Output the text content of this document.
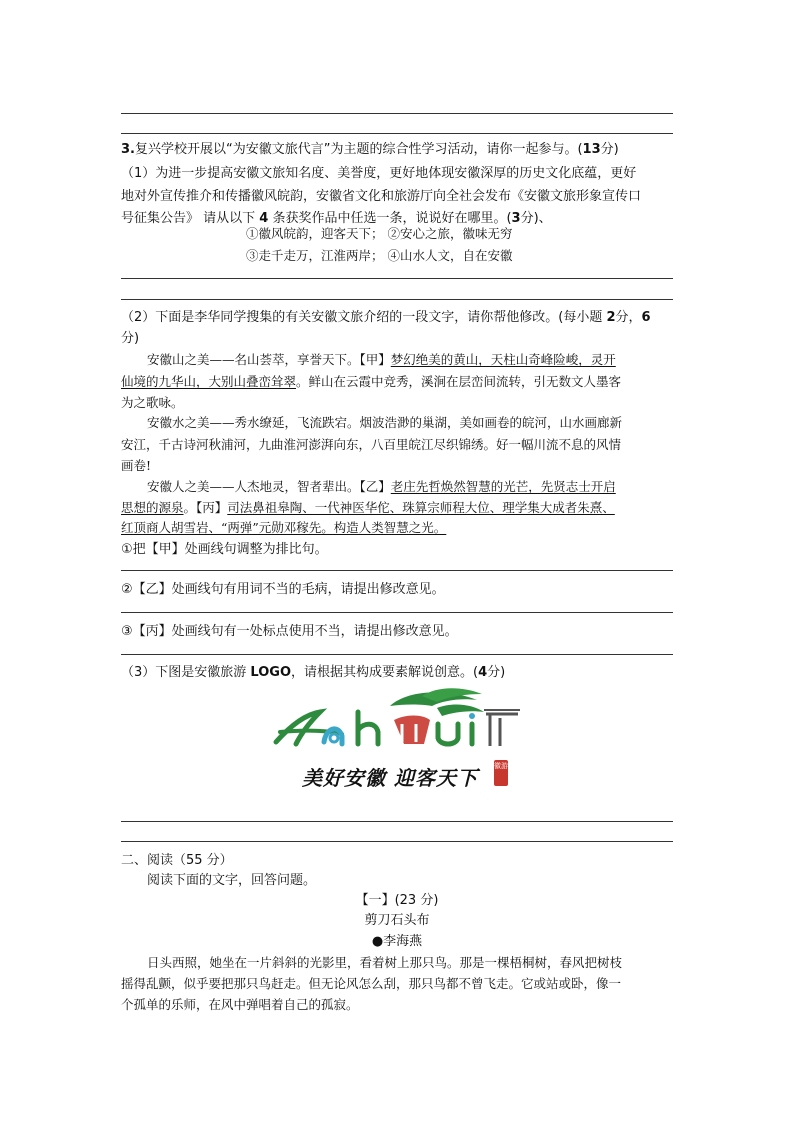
3.复兴学校开展以“为安徽文旅代言”为主题的综合性学习活动，请你一起参与。(13分)
（1）为进一步提高安徽文旅知名度、美誉度，更好地体现安徽深厚的历史文化底蕴，更好
地对外宣传推介和传播徽风皖韵，安徽省文化和旅游厅向全社会发布《安徽文旅形象宣传口
号征集公告》 请从以下 4 条获奖作品中任选一条，说说好在哪里。(3分)、
①徽风皖韵，迎客天下； ②安心之旅，徽味无穷
③走千走万，江淮两岸； ④山水人文，自在安徽
（2）下面是李华同学搜集的有关安徽文旅介绍的一段文字，请你帮他修改。(每小题 2分，6
分)
安徽山之美——名山荟萃，享誉天下。【甲】梦幻绝美的黄山，天柱山奇峰险峻，灵开
仙境的九华山，大别山叠峦耸翠。鲜山在云霞中竞秀，溪涧在层峦间流转，引无数文人墨客
为之歌咏。
安徽水之美——秀水缭延，飞流跌宕。烟波浩渺的巢湖，美如画卷的皖河，山水画廊新
安江，千古诗河秋浦河，九曲淮河澎湃向东，八百里皖江尽织锦绣。好一幅川流不息的风情
画卷!
安徽人之美——人杰地灵，智者辈出。【乙】老庄先哲焕然智慧的光芒，先贤志士开启
思想的源泉。【丙】司法鼻祖皋陶、一代神医华佗、珠算宗师程大位、理学集大成者朱熹、
红顶商人胡雪岩、“两弹”元勋邓稼先。构造人类智慧之光。
①把【甲】处画线句调整为排比句。
②【乙】处画线句有用词不当的毛病，请提出修改意见。
③【丙】处画线句有一处标点使用不当，请提出修改意见。
（3）下图是安徽旅游 LOGO，请根据其构成要素解说创意。(4分)
美好安徽 迎客天下 徽游
二、阅读（55 分）
阅读下面的文字，回答问题。
【一】(23 分)
剪刀石头布
●李海燕
日头西照，她坐在一片斜斜的光影里，看着树上那只鸟。那是一棵梧桐树，春风把树枝
摇得乱颤，似乎要把那只鸟赶走。但无论风怎么刮，那只鸟都不曾飞走。它或站或卧，像一
个孤单的乐师，在风中弹唱着自己的孤寂。
